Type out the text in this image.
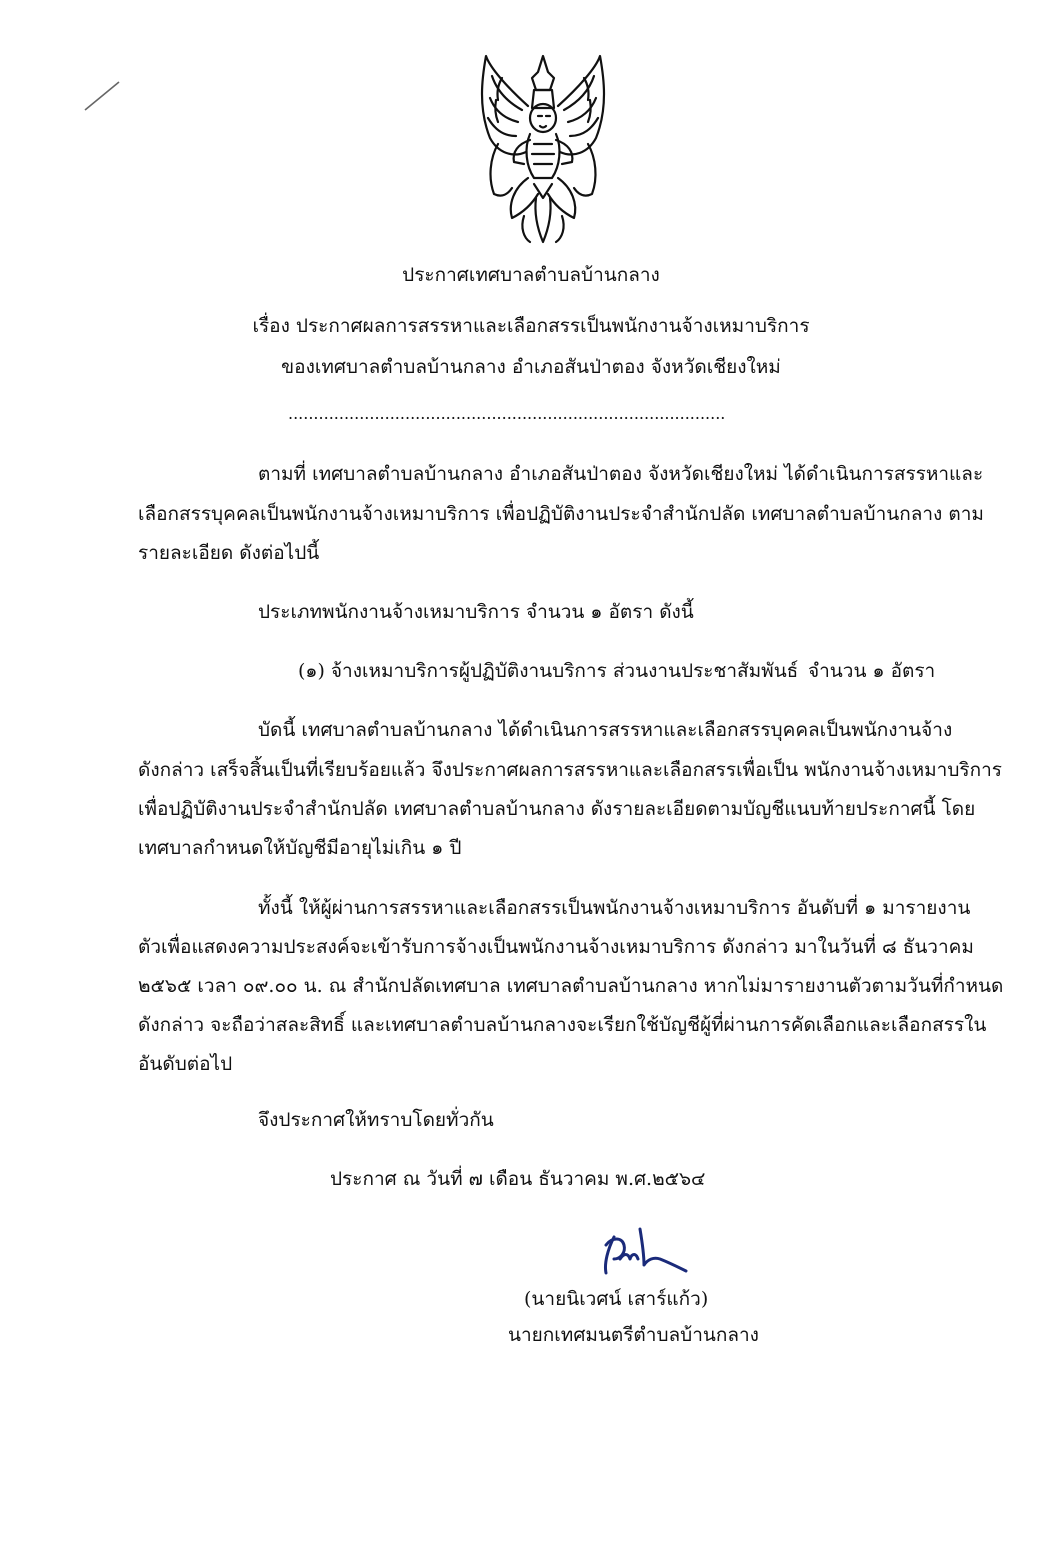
ประกาศเทศบาลตำบลบ้านกลาง
เรื่อง ประกาศผลการสรรหาและเลือกสรรเป็นพนักงานจ้างเหมาบริการ
ของเทศบาลตำบลบ้านกลาง อำเภอสันป่าตอง จังหวัดเชียงใหม่
......................................................................................
ตามที่ เทศบาลตำบลบ้านกลาง อำเภอสันป่าตอง จังหวัดเชียงใหม่ ได้ดำเนินการสรรหาและ
เลือกสรรบุคคลเป็นพนักงานจ้างเหมาบริการ เพื่อปฏิบัติงานประจำสำนักปลัด เทศบาลตำบลบ้านกลาง ตาม
รายละเอียด ดังต่อไปนี้
ประเภทพนักงานจ้างเหมาบริการ จำนวน ๑ อัตรา ดังนี้
(๑) จ้างเหมาบริการผู้ปฏิบัติงานบริการ ส่วนงานประชาสัมพันธ์ จำนวน ๑ อัตรา
บัดนี้ เทศบาลตำบลบ้านกลาง ได้ดำเนินการสรรหาและเลือกสรรบุคคลเป็นพนักงานจ้าง
ดังกล่าว เสร็จสิ้นเป็นที่เรียบร้อยแล้ว จึงประกาศผลการสรรหาและเลือกสรรเพื่อเป็น พนักงานจ้างเหมาบริการ
เพื่อปฏิบัติงานประจำสำนักปลัด เทศบาลตำบลบ้านกลาง ดังรายละเอียดตามบัญชีแนบท้ายประกาศนี้ โดย
เทศบาลกำหนดให้บัญชีมีอายุไม่เกิน ๑ ปี
ทั้งนี้ ให้ผู้ผ่านการสรรหาและเลือกสรรเป็นพนักงานจ้างเหมาบริการ อันดับที่ ๑ มารายงาน
ตัวเพื่อแสดงความประสงค์จะเข้ารับการจ้างเป็นพนักงานจ้างเหมาบริการ ดังกล่าว มาในวันที่ ๘ ธันวาคม
๒๕๖๕ เวลา ๐๙.๐๐ น. ณ สำนักปลัดเทศบาล เทศบาลตำบลบ้านกลาง หากไม่มารายงานตัวตามวันที่กำหนด
ดังกล่าว จะถือว่าสละสิทธิ์ และเทศบาลตำบลบ้านกลางจะเรียกใช้บัญชีผู้ที่ผ่านการคัดเลือกและเลือกสรรใน
อันดับต่อไป
จึงประกาศให้ทราบโดยทั่วกัน
ประกาศ ณ วันที่ ๗ เดือน ธันวาคม พ.ศ.๒๕๖๔
(นายนิเวศน์ เสาร์แก้ว)
นายกเทศมนตรีตำบลบ้านกลาง
